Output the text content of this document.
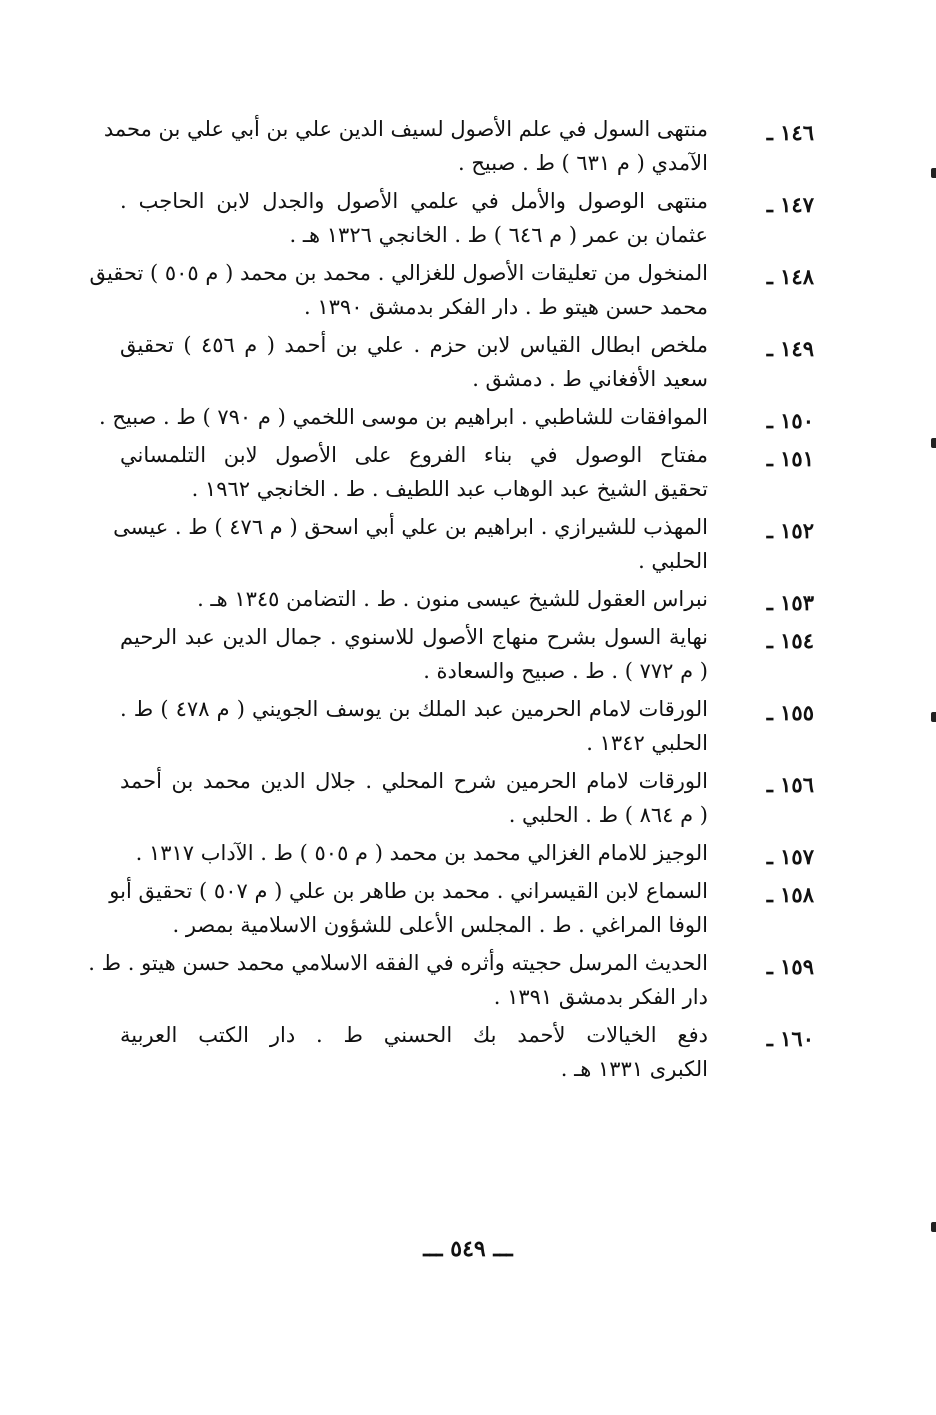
١٤٦ ـ
منتهى السول في علم الأصول لسيف الدين علي بن أبي علي بن محمد
الآمدي ( م ٦٣١ ) ط . صبيح .
١٤٧ ـ
منتهى الوصول والأمل في علمي الأصول والجدل لابن الحاجب .
عثمان بن عمر ( م ٦٤٦ ) ط . الخانجي ١٣٢٦ هـ .
١٤٨ ـ
المنخول من تعليقات الأصول للغزالي . محمد بن محمد ( م ٥٠٥ ) تحقيق
محمد حسن هيتو ط . دار الفكر بدمشق ١٣٩٠ .
١٤٩ ـ
ملخص ابطال القياس لابن حزم . علي بن أحمد ( م ٤٥٦ ) تحقيق
سعيد الأفغاني ط . دمشق .
١٥٠ ـ
الموافقات للشاطبي . ابراهيم بن موسى اللخمي ( م ٧٩٠ ) ط . صبيح .
١٥١ ـ
مفتاح الوصول في بناء الفروع على الأصول لابن التلمساني
تحقيق الشيخ عبد الوهاب عبد اللطيف . ط . الخانجي ١٩٦٢ .
١٥٢ ـ
المهذب للشيرازي . ابراهيم بن علي أبي اسحق ( م ٤٧٦ ) ط . عيسى
الحلبي .
١٥٣ ـ
نبراس العقول للشيخ عيسى منون . ط . التضامن ١٣٤٥ هـ .
١٥٤ ـ
نهاية السول بشرح منهاج الأصول للاسنوي . جمال الدين عبد الرحيم
( م ٧٧٢ ) . ط . صبيح والسعادة .
١٥٥ ـ
الورقات لامام الحرمين عبد الملك بن يوسف الجويني ( م ٤٧٨ ) ط .
الحلبي ١٣٤٢ .
١٥٦ ـ
الورقات لامام الحرمين شرح المحلي . جلال الدين محمد بن أحمد
( م ٨٦٤ ) ط . الحلبي .
١٥٧ ـ
الوجيز للامام الغزالي محمد بن محمد ( م ٥٠٥ ) ط . الآداب ١٣١٧ .
١٥٨ ـ
السماع لابن القيسراني . محمد بن طاهر بن علي ( م ٥٠٧ ) تحقيق أبو
الوفا المراغي . ط . المجلس الأعلى للشؤون الاسلامية بمصر .
١٥٩ ـ
الحديث المرسل حجيته وأثره في الفقه الاسلامي محمد حسن هيتو . ط .
دار الفكر بدمشق ١٣٩١ .
١٦٠ ـ
دفع الخيالات لأحمد بك الحسني ط . دار الكتب العربية
الكبرى ١٣٣١ هـ .
ـــ ٥٤٩ ـــ
